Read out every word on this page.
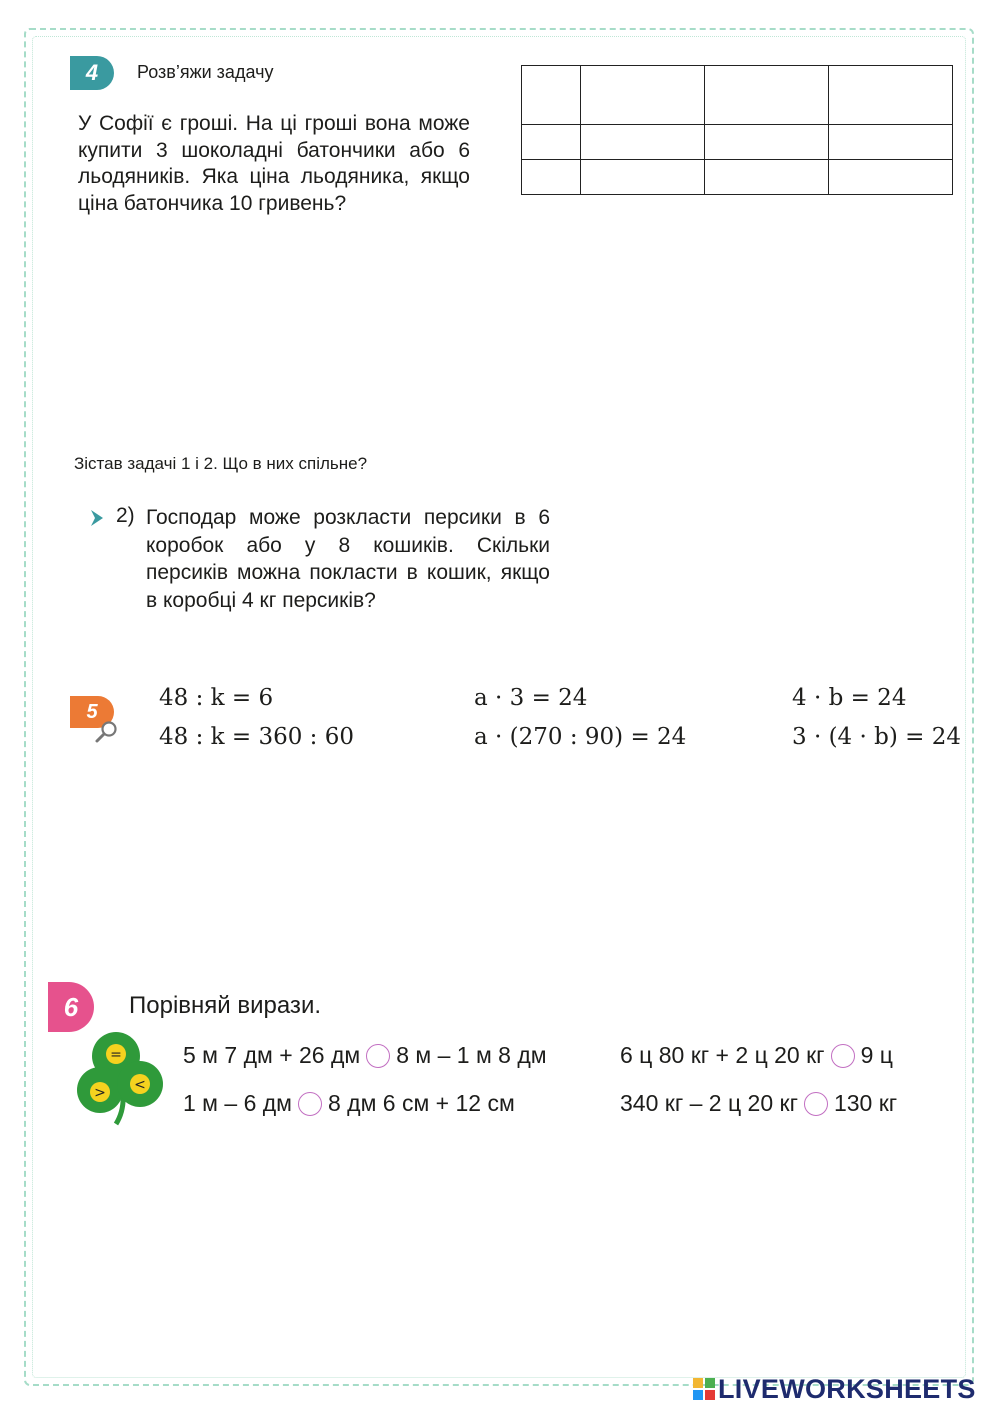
4 Розв’яжи задачу
У Софії є гроші. На ці гроші вона може купити 3 шоколадні батончики або 6 льодяників. Яка ціна льодяника, якщо ціна батончика 10 гривень?

Зістав задачі 1 і 2. Що в них спільне?
2) Господар може розкласти персики в 6 коробок або у 8 кошиків. Скільки персиків можна покласти в кошик, якщо в коробці 4 кг персиків?
5
48 : k = 6	a · 3 = 24	4 · b = 24
48 : k = 360 : 60	a · (270 : 90) = 24	3 · (4 · b) = 24
6 Порівняй вирази.
=
> <
5 м 7 дм + 26 дм 8 м – 1 м 8 дм	6 ц 80 кг + 2 ц 20 кг 9 ц
1 м – 6 дм 8 дм 6 см + 12 см	340 кг – 2 ц 20 кг 130 кг
LIVEWORKSHEETS
